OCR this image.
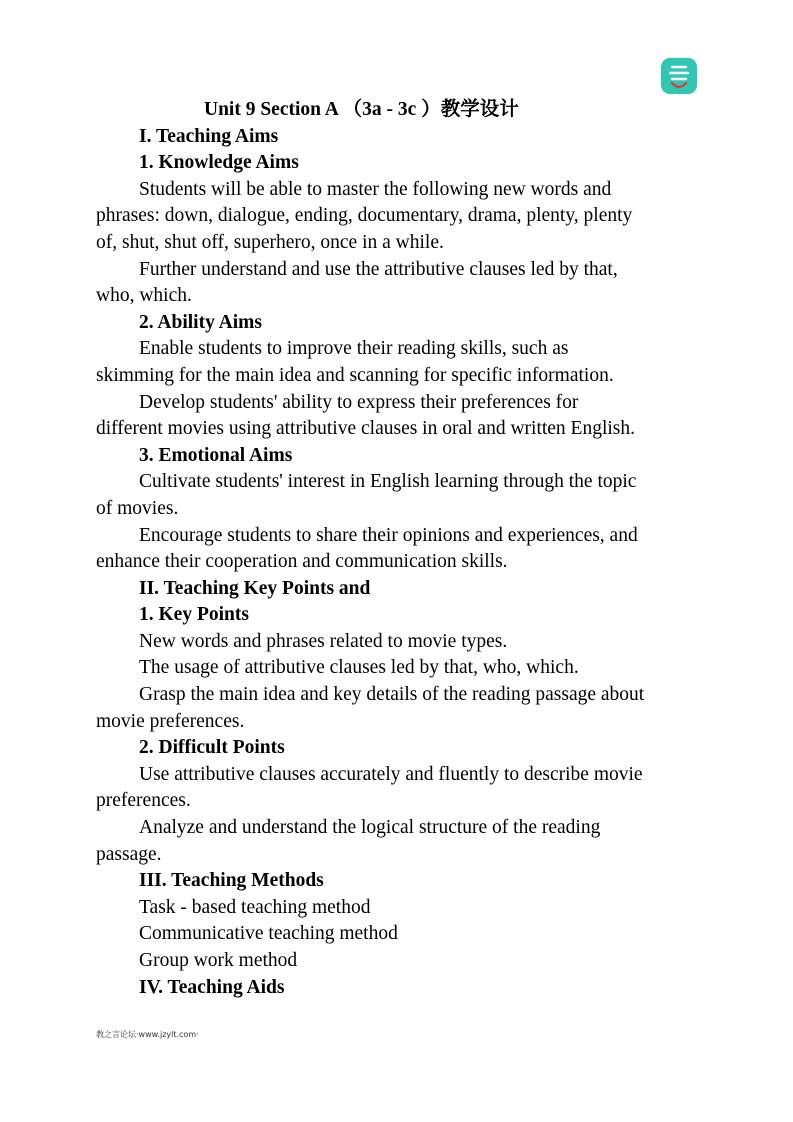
Unit 9 Section A （3a - 3c ）教学设计
I. Teaching Aims
1. Knowledge Aims
Students will be able to master the following new words and
phrases: down, dialogue, ending, documentary, drama, plenty, plenty
of, shut, shut off, superhero, once in a while.
Further understand and use the attributive clauses led by that,
who, which.
2. Ability Aims
Enable students to improve their reading skills, such as
skimming for the main idea and scanning for specific information.
Develop students' ability to express their preferences for
different movies using attributive clauses in oral and written English.
3. Emotional Aims
Cultivate students' interest in English learning through the topic
of movies.
Encourage students to share their opinions and experiences, and
enhance their cooperation and communication skills.
II. Teaching Key Points and
1. Key Points
New words and phrases related to movie types.
The usage of attributive clauses led by that, who, which.
Grasp the main idea and key details of the reading passage about
movie preferences.
2. Difficult Points
Use attributive clauses accurately and fluently to describe movie
preferences.
Analyze and understand the logical structure of the reading
passage.
III. Teaching Methods
Task - based teaching method
Communicative teaching method
Group work method
IV. Teaching Aids
教之言论坛·www.jzylt.com·
